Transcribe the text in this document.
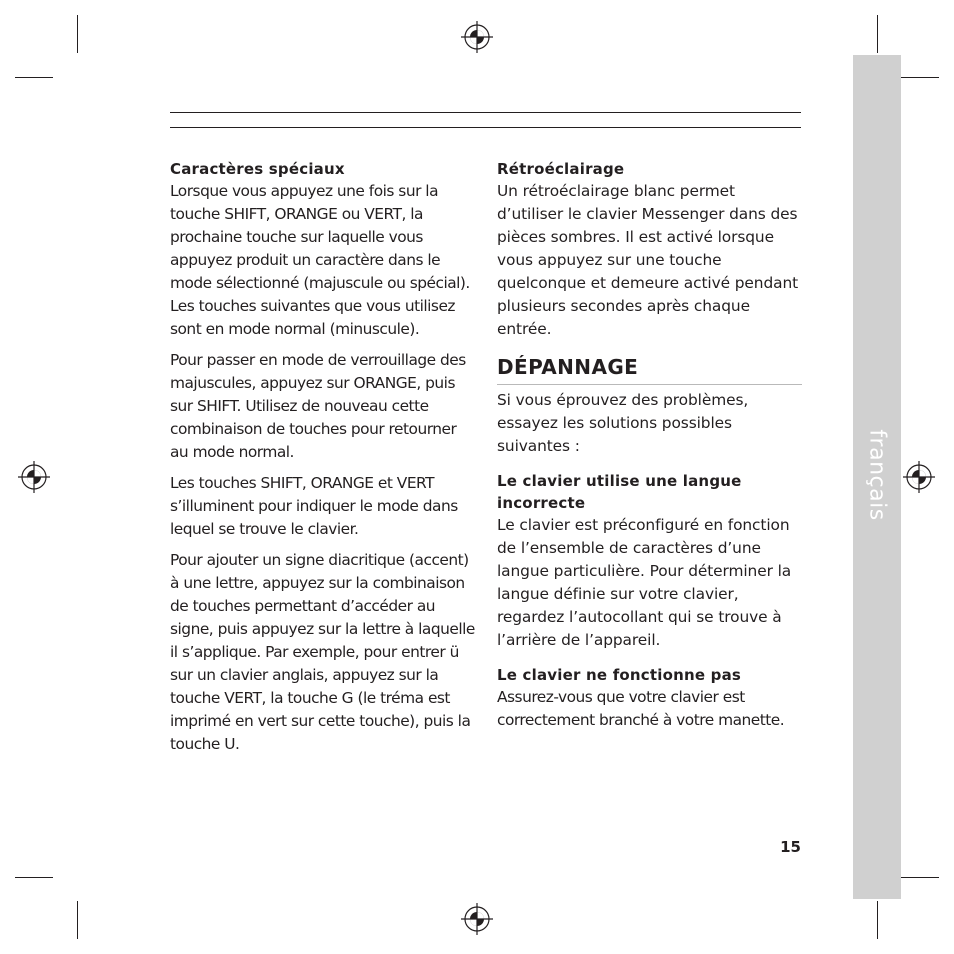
français
Caractères spéciaux

Lorsque vous appuyez une fois sur la touche SHIFT, ORANGE ou VERT, la prochaine touche sur laquelle vous appuyez produit un caractère dans le mode sélectionné (majuscule ou spécial). Les touches suivantes que vous utilisez sont en mode normal (minuscule).

Pour passer en mode de verrouillage des majuscules, appuyez sur ORANGE, puis sur SHIFT. Utilisez de nouveau cette combinaison de touches pour retourner au mode normal.

Les touches SHIFT, ORANGE et VERT s’illuminent pour indiquer le mode dans lequel se trouve le clavier.

Pour ajouter un signe diacritique (accent) à une lettre, appuyez sur la combinaison de touches permettant d’accéder au signe, puis appuyez sur la lettre à laquelle il s’applique. Par exemple, pour entrer ü sur un clavier anglais, appuyez sur la touche VERT, la touche G (le tréma est imprimé en vert sur cette touche), puis la touche U.

Rétroéclairage

Un rétroéclairage blanc permet d’utiliser le clavier Messenger dans des pièces sombres. Il est activé lorsque vous appuyez sur une touche quelconque et demeure activé pendant plusieurs secondes après chaque entrée.

DÉPANNAGE

Si vous éprouvez des problèmes, essayez les solutions possibles suivantes :

Le clavier utilise une langue incorrecte

Le clavier est préconfiguré en fonction de l’ensemble de caractères d’une langue particulière. Pour déterminer la langue définie sur votre clavier, regardez l’autocollant qui se trouve à l’arrière de l’appareil.

Le clavier ne fonctionne pas

Assurez-vous que votre clavier est correctement branché à votre manette.

15
